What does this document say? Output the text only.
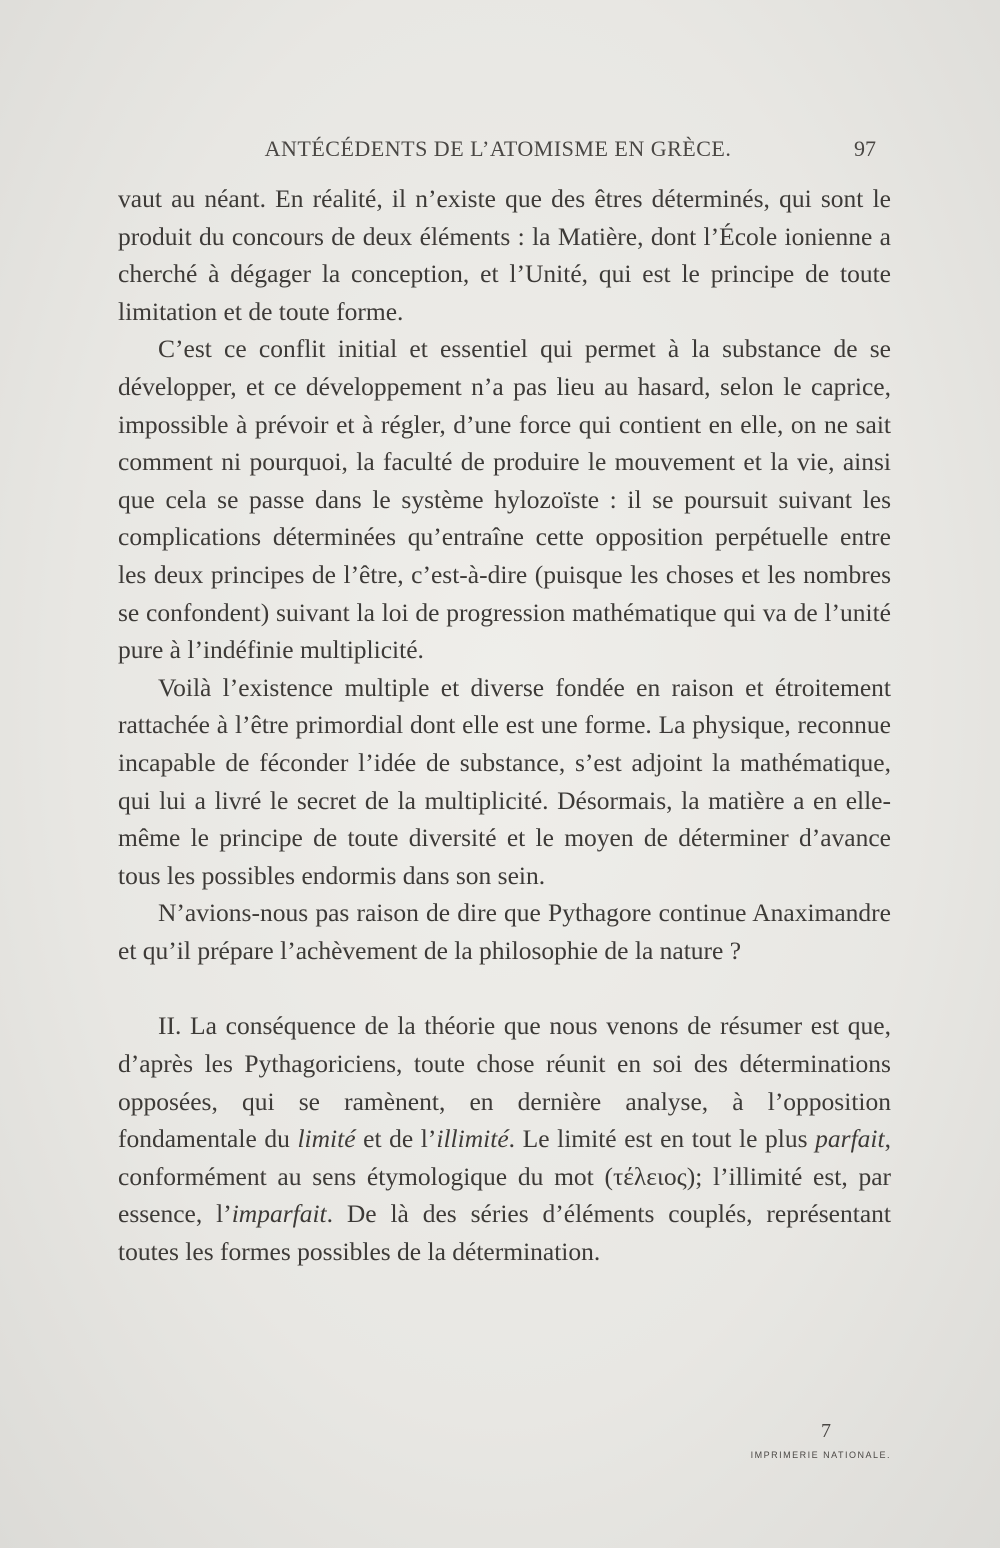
ANTÉCÉDENTS DE L’ATOMISME EN GRÈCE.	97

vaut au néant. En réalité, il n’existe que des êtres déterminés, qui sont le produit du concours de deux éléments : la Matière, dont l’École ionienne a cherché à dégager la conception, et l’Unité, qui est le principe de toute limitation et de toute forme.

C’est ce conflit initial et essentiel qui permet à la substance de se développer, et ce développement n’a pas lieu au hasard, selon le caprice, impossible à prévoir et à régler, d’une force qui contient en elle, on ne sait comment ni pourquoi, la faculté de produire le mouvement et la vie, ainsi que cela se passe dans le système hylozoïste : il se poursuit suivant les complications déterminées qu’entraîne cette opposition perpétuelle entre les deux principes de l’être, c’est-à-dire (puisque les choses et les nombres se confondent) suivant la loi de progression mathématique qui va de l’unité pure à l’indéfinie multiplicité.

Voilà l’existence multiple et diverse fondée en raison et étroitement rattachée à l’être primordial dont elle est une forme. La physique, reconnue incapable de féconder l’idée de substance, s’est adjoint la mathématique, qui lui a livré le secret de la multiplicité. Désormais, la matière a en elle-même le principe de toute diversité et le moyen de déterminer d’avance tous les possibles endormis dans son sein.

N’avions-nous pas raison de dire que Pythagore continue Anaximandre et qu’il prépare l’achèvement de la philosophie de la nature ?

II. La conséquence de la théorie que nous venons de résumer est que, d’après les Pythagoriciens, toute chose réunit en soi des déterminations opposées, qui se ramènent, en dernière analyse, à l’opposition fondamentale du limité et de l’illimité. Le limité est en tout le plus parfait, conformément au sens étymologique du mot (τέλειος); l’illimité est, par essence, l’imparfait. De là des séries d’éléments couplés, représentant toutes les formes possibles de la détermination.

7
IMPRIMERIE NATIONALE.
